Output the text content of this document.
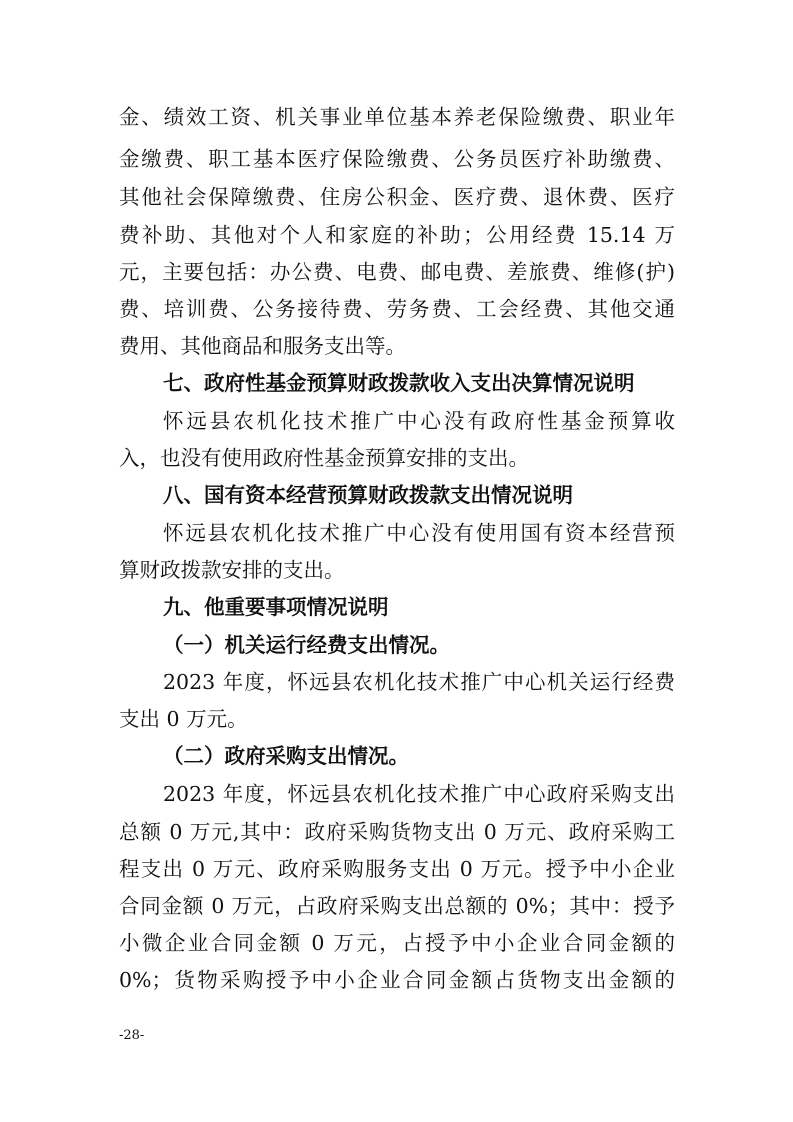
金、绩效工资、机关事业单位基本养老保险缴费、职业年
金缴费、职工基本医疗保险缴费、公务员医疗补助缴费、
其他社会保障缴费、住房公积金、医疗费、退休费、医疗
费补助、其他对个人和家庭的补助；公用经费 15.14 万
元，主要包括：办公费、电费、邮电费、差旅费、维修(护)
费、培训费、公务接待费、劳务费、工会经费、其他交通
费用、其他商品和服务支出等。
七、政府性基金预算财政拨款收入支出决算情况说明
怀远县农机化技术推广中心没有政府性基金预算收
入，也没有使用政府性基金预算安排的支出。
八、国有资本经营预算财政拨款支出情况说明
怀远县农机化技术推广中心没有使用国有资本经营预
算财政拨款安排的支出。
九、他重要事项情况说明
（一）机关运行经费支出情况。
2023 年度，怀远县农机化技术推广中心机关运行经费
支出 0 万元。
（二）政府采购支出情况。
2023 年度，怀远县农机化技术推广中心政府采购支出
总额 0 万元,其中：政府采购货物支出 0 万元、政府采购工
程支出 0 万元、政府采购服务支出 0 万元。授予中小企业
合同金额 0 万元，占政府采购支出总额的 0%；其中：授予
小微企业合同金额 0 万元，占授予中小企业合同金额的
0%；货物采购授予中小企业合同金额占货物支出金额的
-28-
